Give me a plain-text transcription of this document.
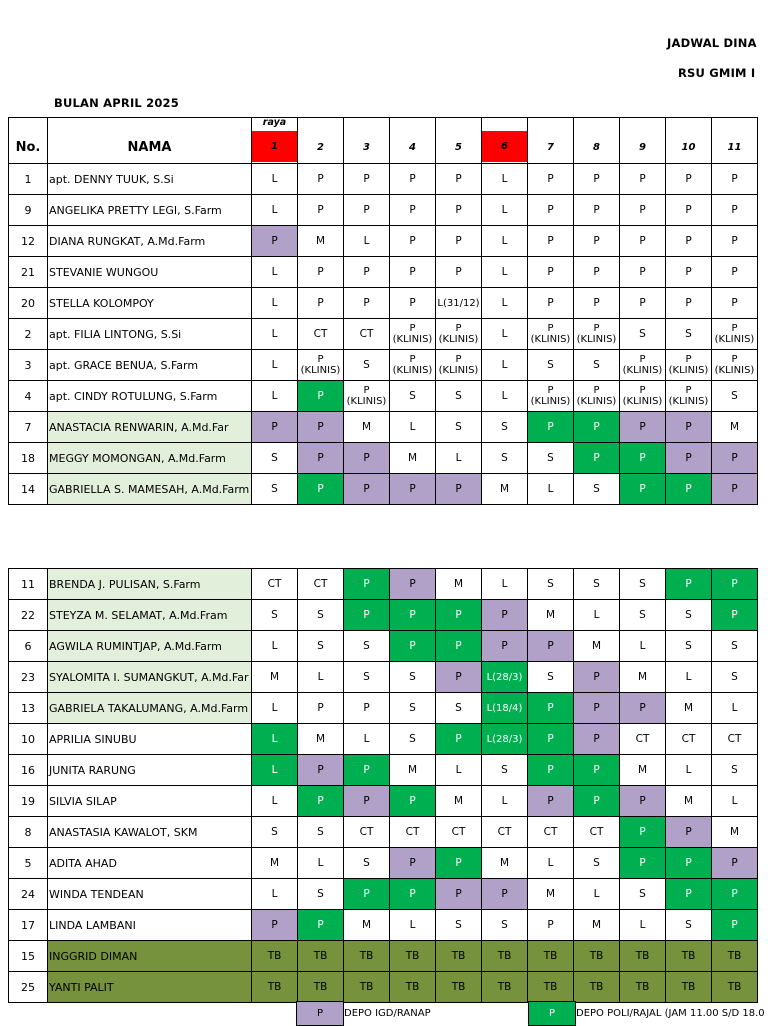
JADWAL DINA
RSU GMIM I
BULAN APRIL 2025
No.	NAMA	raya
1	2	3	4	5	6	7	8	9	10	11
1	apt. DENNY TUUK, S.Si	L	P	P	P	P	L	P	P	P	P	P
9	ANGELIKA PRETTY LEGI, S.Farm	L	P	P	P	P	L	P	P	P	P	P
12	DIANA RUNGKAT, A.Md.Farm	P	M	L	P	P	L	P	P	P	P	P
21	STEVANIE WUNGOU	L	P	P	P	P	L	P	P	P	P	P
20	STELLA KOLOMPOY	L	P	P	P	L(31/12)	L	P	P	P	P	P
2	apt. FILIA LINTONG, S.Si	L	CT	CT	P (KLINIS)	P (KLINIS)	L	P (KLINIS)	P (KLINIS)	S	S	P (KLINIS)
3	apt. GRACE BENUA, S.Farm	L	P (KLINIS)	S	P (KLINIS)	P (KLINIS)	L	S	S	P (KLINIS)	P (KLINIS)	P (KLINIS)
4	apt. CINDY ROTULUNG, S.Farm	L	P	P (KLINIS)	S	S	L	P (KLINIS)	P (KLINIS)	P (KLINIS)	P (KLINIS)	S
7	ANASTACIA RENWARIN, A.Md.Far	P	P	M	L	S	S	P	P	P	P	M
18	MEGGY MOMONGAN, A.Md.Farm	S	P	P	M	L	S	S	P	P	P	P
14	GABRIELLA S. MAMESAH, A.Md.Farm	S	P	P	P	P	M	L	S	P	P	P
11	BRENDA J. PULISAN, S.Farm	CT	CT	P	P	M	L	S	S	S	P	P
22	STEYZA M. SELAMAT, A.Md.Fram	S	S	P	P	P	P	M	L	S	S	P
6	AGWILA RUMINTJAP, A.Md.Farm	L	S	S	P	P	P	P	M	L	S	S
23	SYALOMITA I. SUMANGKUT, A.Md.Far	M	L	S	S	P	L(28/3)	S	P	M	L	S
13	GABRIELA TAKALUMANG, A.Md.Farm	L	P	P	S	S	L(18/4)	P	P	P	M	L
10	APRILIA SINUBU	L	M	L	S	P	L(28/3)	P	P	CT	CT	CT
16	JUNITA RARUNG	L	P	P	M	L	S	P	P	M	L	S
19	SILVIA SILAP	L	P	P	P	M	L	P	P	P	M	L
8	ANASTASIA KAWALOT, SKM	S	S	CT	CT	CT	CT	CT	CT	P	P	M
5	ADITA AHAD	M	L	S	P	P	M	L	S	P	P	P
24	WINDA TENDEAN	L	S	P	P	P	P	M	L	S	P	P
17	LINDA LAMBANI	P	P	M	L	S	S	P	M	L	S	P
15	INGGRID DIMAN	TB	TB	TB	TB	TB	TB	TB	TB	TB	TB	TB
25	YANTI PALIT	TB	TB	TB	TB	TB	TB	TB	TB	TB	TB	TB
P	DEPO IGD/RANAP	P	DEPO POLI/RAJAL (JAM 11.00 S/D 18.0
